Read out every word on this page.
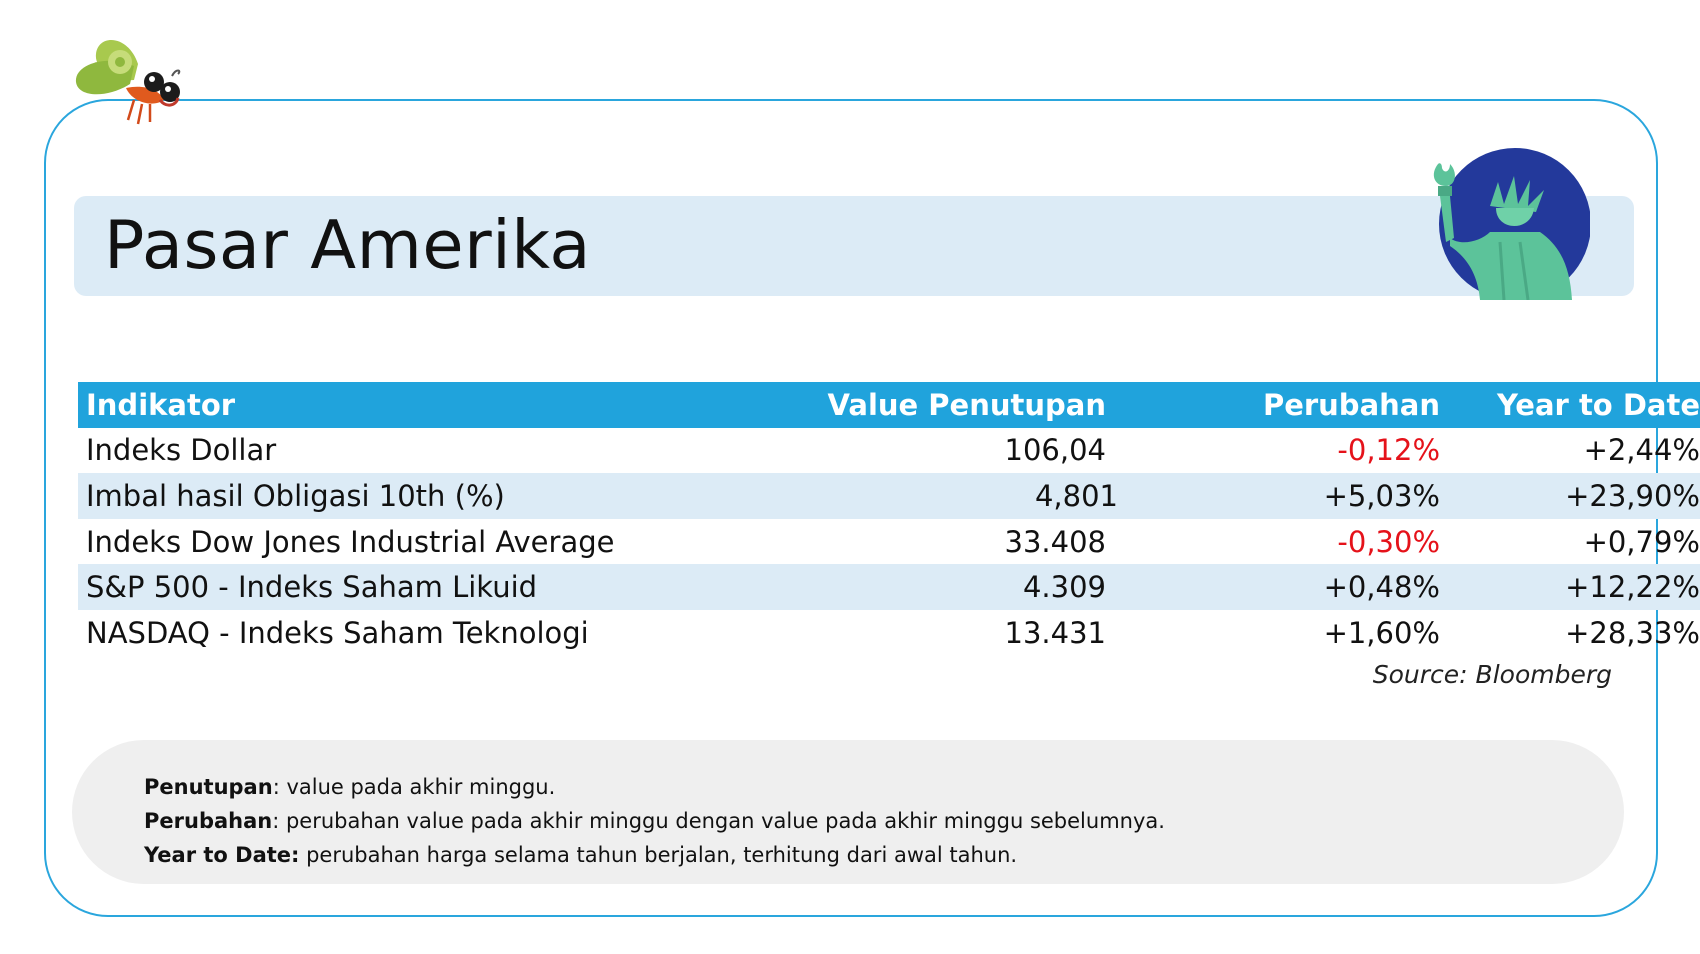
Pasar Amerika
Indikator	Value Penutupan	Perubahan	Year to Date
Indeks Dollar	106,04	-0,12%	+2,44%
Imbal hasil Obligasi 10th (%)	4,801	+5,03%	+23,90%
Indeks Dow Jones Industrial Average	33.408	-0,30%	+0,79%
S&P 500 - Indeks Saham Likuid	4.309	+0,48%	+12,22%
NASDAQ - Indeks Saham Teknologi	13.431	+1,60%	+28,33%
Source: Bloomberg
Penutupan: value pada akhir minggu.
Perubahan: perubahan value pada akhir minggu dengan value pada akhir minggu sebelumnya.
Year to Date: perubahan harga selama tahun berjalan, terhitung dari awal tahun.
